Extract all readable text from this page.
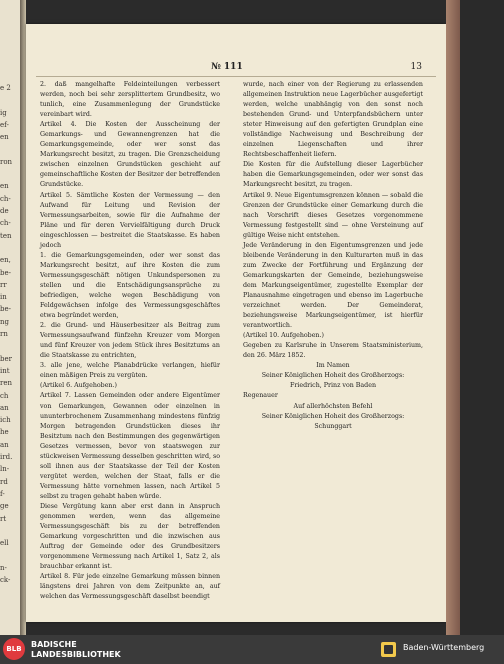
e 2
ig
ef-
en
ron
en
ch-
de
ch-
ten
en,
be-
rr
in
be-
ng
rn
ber
int
ren
ch
an
ich
he
an
ird.
ln-
rd
f-
ge
rt
ell
n-
ck-
№ 111	13

2. daß mangelhafte Feldeinteilungen verbessert werden, noch bei sehr zersplittertem Grundbesitz, wo tunlich, eine Zusammenlegung der Grundstücke vereinbart wird.

Artikel 4. Die Kosten der Ausscheinung der Gemarkungs- und Gewannengrenzen hat die Gemarkungsgemeinde, oder wer sonst das Markungsrecht besitzt, zu tragen. Die Grenzscheidung zwischen einzelnen Grundstücken geschieht auf gemeinschaftliche Kosten der Besitzer der betreffenden Grundstücke.

Artikel 5. Sämtliche Kosten der Vermessung — den Aufwand für Leitung und Revision der Vermessungsarbeiten, sowie für die Aufnahme der Pläne und für deren Vervielfältigung durch Druck eingeschlossen — bestreitet die Staatskasse. Es haben jedoch

1. die Gemarkungsgemeinden, oder wer sonst das Markungsrecht besitzt, auf ihre Kosten die zum Vermessungsgeschäft nötigen Unkundspersonen zu stellen und die Entschädigungsansprüche zu befriedigen, welche wegen Beschädigung von Feldgewächsen infolge des Vermessungsgeschäftes etwa begründet werden,

2. die Grund- und Häuserbesitzer als Beitrag zum Vermessungsaufwand fünfzehn Kreuzer vom Morgen und fünf Kreuzer von jedem Stück ihres Besitztums an die Staatskasse zu entrichten,

3. alle jene, welche Planabdrücke verlangen, hiefür einen mäßigen Preis zu vergüten.

(Artikel 6. Aufgehoben.)

Artikel 7. Lassen Gemeinden oder andere Eigentümer von Gemarkungen, Gewannen oder einzelnen in ununterbrochenem Zusammenhang mindestens fünfzig Morgen betragenden Grundstücken dieses ihr Besitztum nach den Bestimmungen des gegenwärtigen Gesetzes vermessen, bevor von staatswegen zur stückweisen Vermessung desselben geschritten wird, so soll ihnen aus der Staatskasse der Teil der Kosten vergütet werden, welchen der Staat, falls er die Vermessung hätte vornehmen lassen, nach Artikel 5 selbst zu tragen gehabt haben würde.

Diese Vergütung kann aber erst dann in Anspruch genommen werden, wenn das allgemeine Vermessungsgeschäft bis zu der betreffenden Gemarkung vorgeschritten und die inzwischen aus Auftrag der Gemeinde oder des Grundbesitzers vorgenommene Vermessung nach Artikel 1, Satz 2, als brauchbar erkannt ist.

Artikel 8. Für jede einzelne Gemarkung müssen binnen längstens drei Jahren von dem Zeitpunkte an, auf welchen das Vermessungsgeschäft daselbst beendigt

wurde, nach einer von der Regierung zu erlassenden allgemeinen Instruktion neue Lagerbücher ausgefertigt werden, welche unabhängig von den sonst noch bestehenden Grund- und Unterpfandsbüchern unter steter Hinweisung auf den gefertigten Grundplan eine vollständige Nachweisung und Beschreibung der einzelnen Liegenschaften und ihrer Rechtsbeschaffenheit liefern.

Die Kosten für die Aufstellung dieser Lagerbücher haben die Gemarkungsgemeinden, oder wer sonst das Markungsrecht besitzt, zu tragen.

Artikel 9. Neue Eigentumsgrenzen können — sobald die Grenzen der Grundstücke einer Gemarkung durch die nach Vorschrift dieses Gesetzes vorgenommene Vermessung festgestellt sind — ohne Versteinung auf gültige Weise nicht entstehen.

Jede Veränderung in den Eigentumsgrenzen und jede bleibende Veränderung in den Kulturarten muß in das zum Zwecke der Fortführung und Ergänzung der Gemarkungskarten der Gemeinde, beziehungsweise dem Markungseigentümer, zugestellte Exemplar der Planausnahme eingetragen und ebenso im Lagerbuche verzeichnet werden. Der Gemeinderat, beziehungsweise Markungseigentümer, ist hierfür verantwortlich.

(Artikel 10. Aufgehoben.)

Gegeben zu Karlsruhe in Unserem Staatsministerium, den 26. März 1852.

Im Namen

Seiner Königlichen Hoheit des Großherzogs:

Friedrich, Prinz von Baden

Regenauer

Auf allerhöchsten Befehl

Seiner Königlichen Hoheit des Großherzogs:

Schunggart

BLB	BADISCHE
LANDESBIBLIOTHEK
Baden-Württemberg
